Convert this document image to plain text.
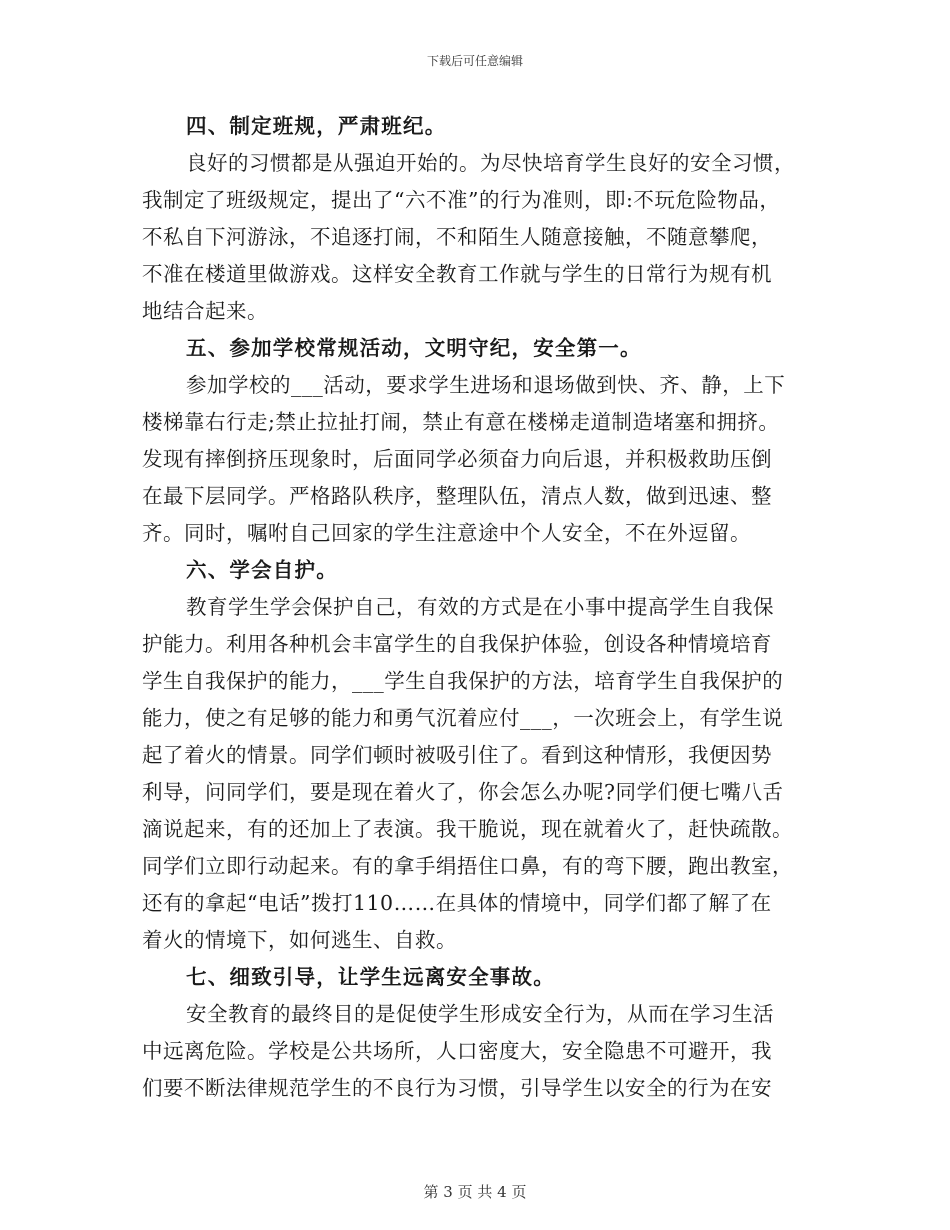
下载后可任意编辑
四、制定班规，严肃班纪。
良好的习惯都是从强迫开始的。为尽快培育学生良好的安全习惯，
我制定了班级规定，提出了“六不准”的行为准则，即:不玩危险物品，
不私自下河游泳，不追逐打闹，不和陌生人随意接触，不随意攀爬，
不准在楼道里做游戏。这样安全教育工作就与学生的日常行为规有机
地结合起来。
五、参加学校常规活动，文明守纪，安全第一。
参加学校的___活动，要求学生进场和退场做到快、齐、静，上下
楼梯靠右行走;禁止拉扯打闹，禁止有意在楼梯走道制造堵塞和拥挤。
发现有摔倒挤压现象时，后面同学必须奋力向后退，并积极救助压倒
在最下层同学。严格路队秩序，整理队伍，清点人数，做到迅速、整
齐。同时，嘱咐自己回家的学生注意途中个人安全，不在外逗留。
六、学会自护。
教育学生学会保护自己，有效的方式是在小事中提高学生自我保
护能力。利用各种机会丰富学生的自我保护体验，创设各种情境培育
学生自我保护的能力，___学生自我保护的方法，培育学生自我保护的
能力，使之有足够的能力和勇气沉着应付___，一次班会上，有学生说
起了着火的情景。同学们顿时被吸引住了。看到这种情形，我便因势
利导，问同学们，要是现在着火了，你会怎么办呢?同学们便七嘴八舌
滴说起来，有的还加上了表演。我干脆说，现在就着火了，赶快疏散。
同学们立即行动起来。有的拿手绢捂住口鼻，有的弯下腰，跑出教室，
还有的拿起“电话”拨打110……在具体的情境中，同学们都了解了在
着火的情境下，如何逃生、自救。
七、细致引导，让学生远离安全事故。
安全教育的最终目的是促使学生形成安全行为，从而在学习生活
中远离危险。学校是公共场所，人口密度大，安全隐患不可避开，我
们要不断法律规范学生的不良行为习惯，引导学生以安全的行为在安
第 3 页 共 4 页
